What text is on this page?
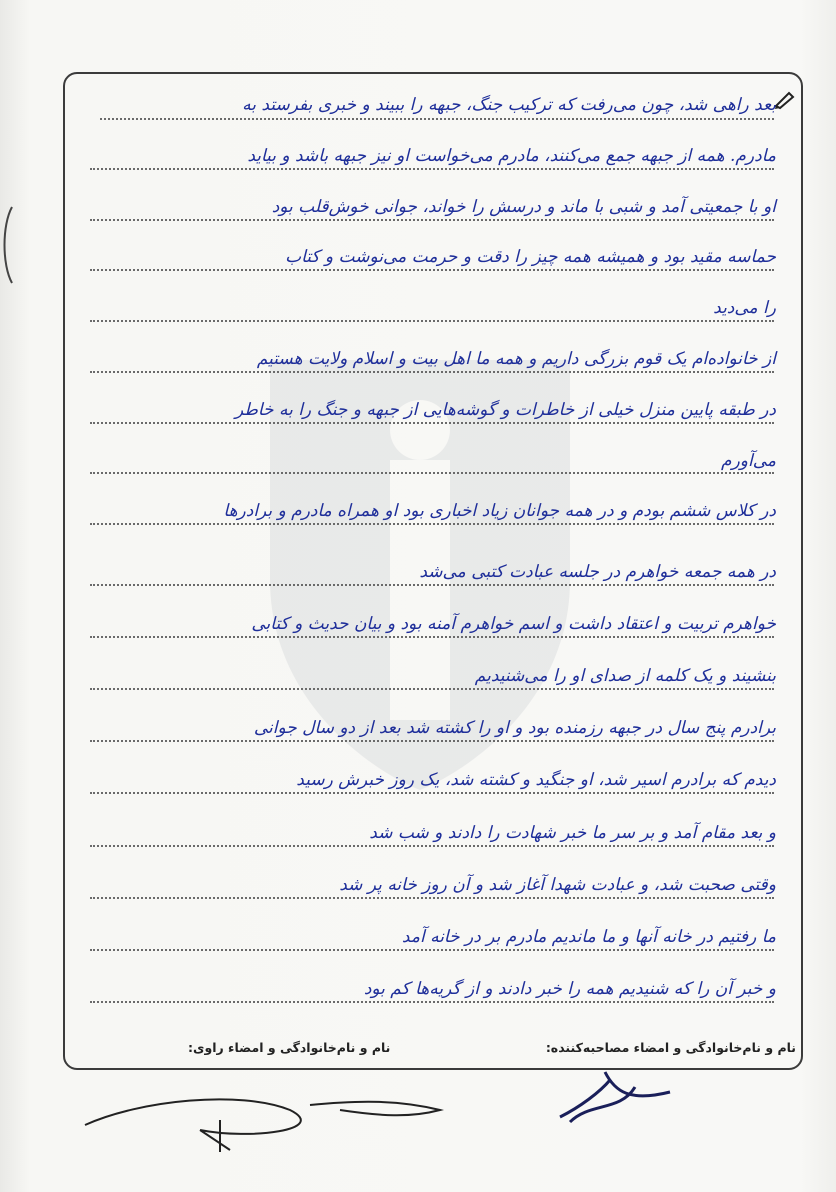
بعد راهی شد، چون می‌رفت که ترکیب جنگ، جبهه را ببیند و خبری بفرستد به
مادرم. همه از جبهه جمع می‌کنند، مادرم می‌خواست او نیز جبهه باشد و بیاید
او با جمعیتی آمد و شبی با ماند و درسش را خواند، جوانی خوش‌قلب بود
حماسه مقید بود و همیشه همه چیز را دقت و حرمت می‌نوشت و کتاب
را می‌دید
از خانواده‌ام یک قوم بزرگی داریم و همه ما اهل بیت و اسلام ولایت هستیم
در طبقه پایین منزل خیلی از خاطرات و گوشه‌هایی از جبهه و جنگ را به خاطر
می‌آورم
در کلاس ششم بودم و در همه جوانان زیاد اخباری بود او همراه مادرم و برادرها
در همه جمعه خواهرم در جلسه عبادت کتبی می‌شد
خواهرم تربیت و اعتقاد داشت و اسم خواهرم آمنه بود و بیان حدیث و کتابی
بنشیند و یک کلمه از صدای او را می‌شنیدیم
برادرم پنج سال در جبهه رزمنده بود و او را کشته شد بعد از دو سال جوانی
دیدم که برادرم اسیر شد، او جنگید و کشته شد، یک روز خبرش رسید
و بعد مقام آمد و بر سر ما خبر شهادت را دادند و شب شد
وقتی صحبت شد، و عبادت شهدا آغاز شد و آن روز خانه پر شد
ما رفتیم در خانه آنها و ما ماندیم مادرم بر در خانه آمد
و خبر آن را که شنیدیم همه را خبر دادند و از گریه‌ها کم بود
نام و نام‌خانوادگی و امضاء مصاحبه‌کننده:
نام و نام‌خانوادگی و امضاء راوی:
